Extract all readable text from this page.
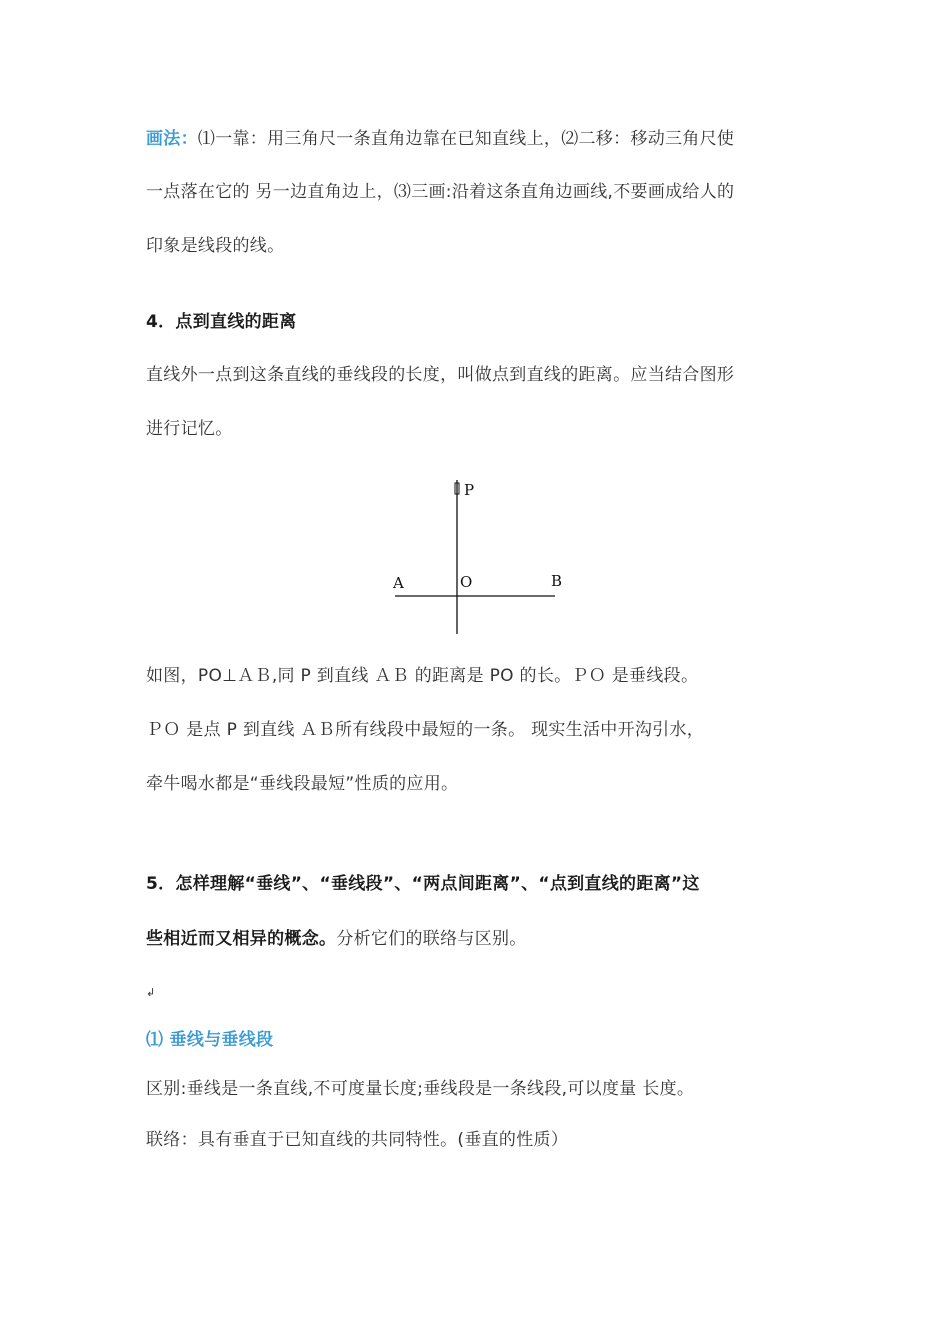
画法：⑴一靠：用三角尺一条直角边靠在已知直线上，⑵二移：移动三角尺使
一点落在它的 另一边直角边上，⑶三画:沿着这条直角边画线,不要画成给人的
印象是线段的线。
4．点到直线的距离
直线外一点到这条直线的垂线段的长度，叫做点到直线的距离。应当结合图形
进行记忆。
P
A	O	B
如图，PO⊥ＡＢ,同 P 到直线 ＡＢ 的距离是 PO 的长。ＰＯ 是垂线段。
ＰＯ 是点 P 到直线 ＡＢ所有线段中最短的一条。 现实生活中开沟引水，
牵牛喝水都是“垂线段最短”性质的应用。
5．怎样理解“垂线”、“垂线段”、“两点间距离”、“点到直线的距离”这
些相近而又相异的概念。分析它们的联络与区别。
↲
⑴ 垂线与垂线段
区别:垂线是一条直线,不可度量长度;垂线段是一条线段,可以度量 长度。
联络：具有垂直于已知直线的共同特性。(垂直的性质）
